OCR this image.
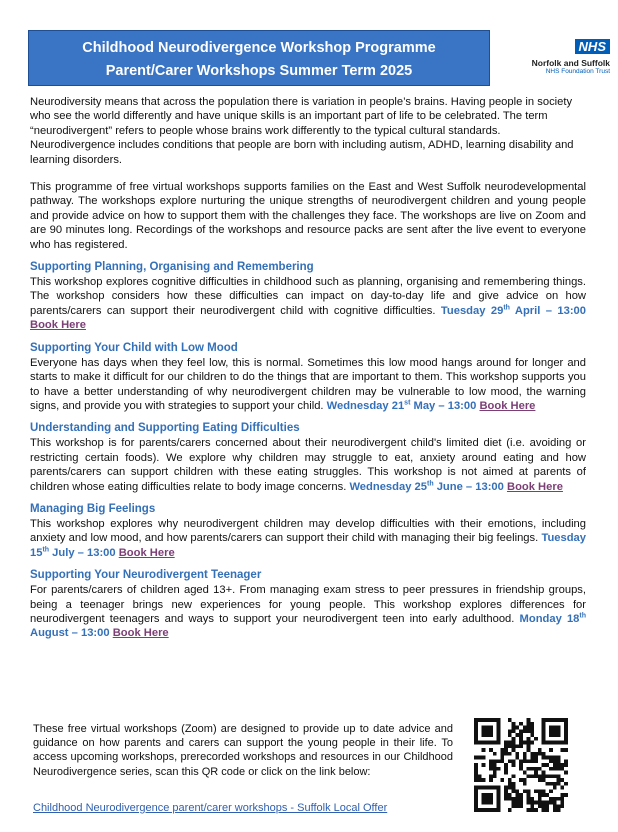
Childhood Neurodivergence Workshop Programme
Parent/Carer Workshops Summer Term 2025
NHS
Norfolk and Suffolk
NHS Foundation Trust

Neurodiversity means that across the population there is variation in people’s brains. Having people in society who see the world differently and have unique skills is an important part of life to be celebrated. The term “neurodivergent” refers to people whose brains work differently to the typical cultural standards. Neurodivergence includes conditions that people are born with including autism, ADHD, learning disability and learning disorders.

This programme of free virtual workshops supports families on the East and West Suffolk neurodevelopmental pathway. The workshops explore nurturing the unique strengths of neurodivergent children and young people and provide advice on how to support them with the challenges they face. The workshops are live on Zoom and are 90 minutes long. Recordings of the workshops and resource packs are sent after the live event to everyone who has registered.

Supporting Planning, Organising and Remembering
This workshop explores cognitive difficulties in childhood such as planning, organising and remembering things. The workshop considers how these difficulties can impact on day-to-day life and give advice on how parents/carers can support their neurodivergent child with cognitive difficulties. Tuesday 29th April – 13:00 Book Here
Supporting Your Child with Low Mood
Everyone has days when they feel low, this is normal. Sometimes this low mood hangs around for longer and starts to make it difficult for our children to do the things that are important to them. This workshop supports you to have a better understanding of why neurodivergent children may be vulnerable to low mood, the warning signs, and provide you with strategies to support your child. Wednesday 21st May – 13:00 Book Here
Understanding and Supporting Eating Difficulties
This workshop is for parents/carers concerned about their neurodivergent child's limited diet (i.e. avoiding or restricting certain foods). We explore why children may struggle to eat, anxiety around eating and how parents/carers can support children with these eating struggles. This workshop is not aimed at parents of children whose eating difficulties relate to body image concerns. Wednesday 25th June – 13:00 Book Here
Managing Big Feelings
This workshop explores why neurodivergent children may develop difficulties with their emotions, including anxiety and low mood, and how parents/carers can support their child with managing their big feelings. Tuesday 15th July – 13:00 Book Here
Supporting Your Neurodivergent Teenager
For parents/carers of children aged 13+. From managing exam stress to peer pressures in friendship groups, being a teenager brings new experiences for young people. This workshop explores differences for neurodivergent teenagers and ways to support your neurodivergent teen into early adulthood. Monday 18th August – 13:00 Book Here
These free virtual workshops (Zoom) are designed to provide up to date advice and guidance on how parents and carers can support the young people in their life. To access upcoming workshops, prerecorded workshops and resources in our Childhood Neurodivergence series, scan this QR code or click on the link below:
Childhood Neurodivergence parent/carer workshops - Suffolk Local Offer
